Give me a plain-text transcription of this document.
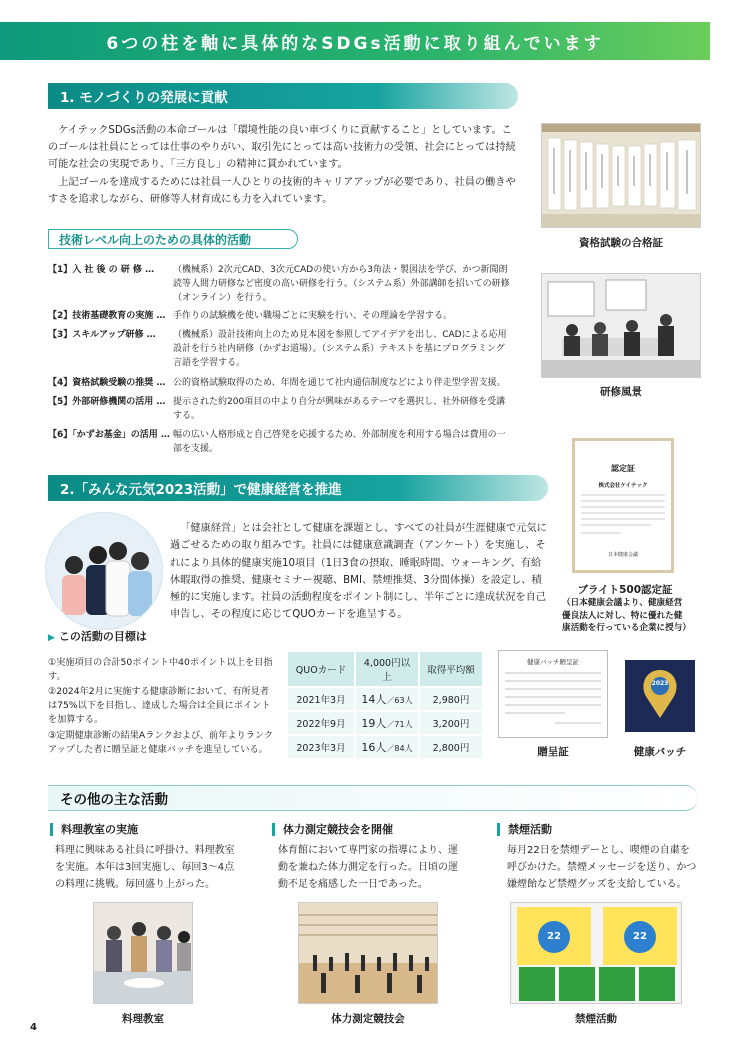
6つの柱を軸に具体的なSDGs活動に取り組んでいます
1. モノづくりの発展に貢献
ケイテックSDGs活動の本命ゴールは「環境性能の良い車づくりに貢献すること」としています。このゴールは社員にとっては仕事のやりがい、取引先にとっては高い技術力の受領、社会にとっては持続可能な社会の実現であり、「三方良し」の精神に貫かれています。
上記ゴールを達成するためには社員一人ひとりの技術的キャリアアップが必要であり、社員の働きやすさを追求しながら、研修等人材育成にも力を入れています。
技術レベル向上のための具体的活動
【1】入 社 後 の 研 修 …	（機械系）2次元CAD、3次元CADの使い方から3角法・製図法を学び、かつ新聞朗読等人間力研修など密度の高い研修を行う。（システム系）外部講師を招いての研修（オンライン）を行う。
【2】技術基礎教育の実施 … 手作りの試験機を使い職場ごとに実験を行い、その理論を学習する。
【3】スキルアップ研修 …	（機械系）設計技術向上のため見本図を参照してアイデアを出し、CADによる応用設計を行う社内研修（かずお道場）。（システム系）テキストを基にプログラミング言語を学習する。
【4】資格試験受験の推奨 … 公的資格試験取得のため、年間を通じて社内通信制度などにより伴走型学習支援。
【5】外部研修機関の活用 … 提示された約200項目の中より自分が興味があるテーマを選択し、社外研修を受講する。
【6】「かずお基金」の活用 … 幅の広い人格形成と自己啓発を応援するため、外部制度を利用する場合は費用の一部を支援。
資格試験の合格証
研修風景
2.「みんな元気2023活動」で健康経営を推進
認定証
株式会社ケイテック
日本健康会議
ブライト500認定証
（日本健康会議より、健康経営優良法人に対し、特に優れた健康活動を行っている企業に授与）
「健康経営」とは会社として健康を課題とし、すべての社員が生涯健康で元気に過ごせるための取り組みです。社員には健康意識調査（アンケート）を実施し、それにより具体的健康実施10項目（1日3食の摂取、睡眠時間、ウォーキング、有給休暇取得の推奨、健康セミナー視聴、BMI、禁煙推奨、3分間体操）を設定し、積極的に実施します。社員の活動程度をポイント制にし、半年ごとに達成状況を自己申告し、その程度に応じてQUOカードを進呈する。
▶ この活動の目標は
①実施項目の合計50ポイント中40ポイント以上を目指す。
②2024年2月に実施する健康診断において、有所見者は75%以下を目指し、達成した場合は全員にポイントを加算する。
③定期健康診断の結果Aランクおよび、前年よりランクアップした者に贈呈証と健康バッチを進呈している。
QUOカード	4,000円以上	取得平均額
2021年3月	14人／63人	2,980円
2022年9月	19人／71人	3,200円
2023年3月	16人／84人	2,800円
健康バッチ贈呈証
贈呈証
2023
健康バッチ
その他の主な活動
料理教室の実施
料理に興味ある社員に呼掛け、料理教室を実施。本年は3回実施し、毎回3〜4点の料理に挑戦。毎回盛り上がった。
体力測定競技会を開催
体育館において専門家の指導により、運動を兼ねた体力測定を行った。日頃の運動不足を痛感した一日であった。
禁煙活動
毎月22日を禁煙デーとし、喫煙の自粛を呼びかけた。禁煙メッセージを送り、かつ嫌煙飴など禁煙グッズを支給している。
料理教室	体力測定競技会
22	22
禁煙活動
4
